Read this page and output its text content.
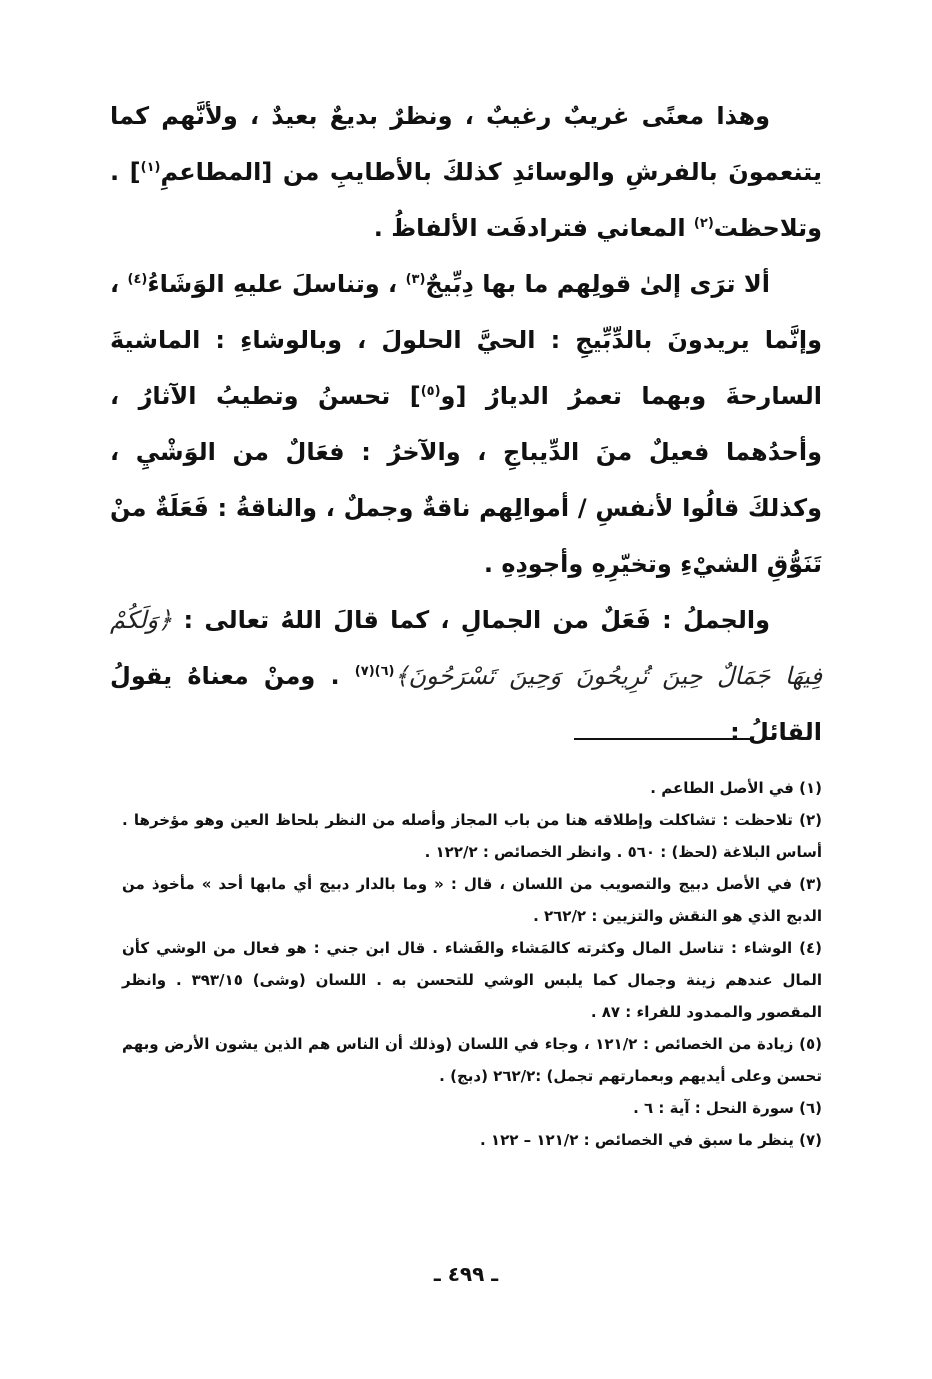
وهذا معنًى غريبٌ رغيبٌ ، ونظرٌ بديعٌ بعيدٌ ، ولأنَّهم كما يتنعمونَ بالفرشِ والوسائدِ كذلكَ بالأطايبِ من [المطاعمِ$^{(١)}$] . وتلاحظت$^{(٢)}$ المعاني فترادفَت الألفاظُ .

ألا ترَى إلىٰ قولِهم ما بها دِبِّيجٌ$^{(٣)}$ ، وتناسلَ عليهِ الوَشَاءُ$^{(٤)}$ ، وإنَّما يريدونَ بالدِّبِّيجِ : الحيَّ الحلولَ ، وبالوشاءِ : الماشيةَ السارحةَ وبهما تعمرُ الديارُ [و$^{(٥)}$] تحسنُ وتطيبُ الآثارُ ، وأحدُهما فعيلٌ منَ الدِّيباجِ ، والآخرُ : فعَالٌ من الوَشْيِ ، وكذلكَ قالُوا لأنفسِ / أموالِهم ناقةٌ وجملٌ ، والناقةُ : فَعَلَةٌ منْ تَنَوُّقِ الشيْءِ وتخيّرِهِ وأجودِهِ .

والجملُ : فَعَلٌ من الجمالِ ، كما قالَ اللهُ تعالى : ﴿وَلَكُمْ فِيهَا جَمَالٌ حِينَ تُرِيحُونَ وَحِينَ تَسْرَحُونَ﴾$^{(٦)(٧)}$ . ومنْ معناهُ يقولُ القائلُ :

(١) في الأصل الطاعم .

(٢) تلاحظت : تشاكلت وإطلاقه هنا من باب المجاز وأصله من النظر بلحاظ العين وهو مؤخرها . أساس البلاغة (لحظ) : ٥٦٠ . وانظر الخصائص : ١٢٢/٢ .

(٣) في الأصل دبيج والتصويب من اللسان ، قال : « وما بالدار دبيج أي مابها أحد » مأخوذ من الدبج الذي هو النقش والتزيين : ٢٦٢/٢ .

(٤) الوشاء : تناسل المال وكثرته كالمَشاء والفَشاء . قال ابن جني : هو فعال من الوشي كأن المال عندهم زينة وجمال كما يلبس الوشي للتحسن به . اللسان (وشى) ٣٩٣/١٥ . وانظر المقصور والممدود للفراء : ٨٧ .

(٥) زيادة من الخصائص : ١٢١/٢ ، وجاء في اللسان (وذلك أن الناس هم الذين يشون الأرض وبهم تحسن وعلى أيديهم وبعمارتهم تجمل) :٢٦٢/٢ (دبج) .

(٦) سورة النحل : آية : ٦ .

(٧) ينظر ما سبق في الخصائص : ١٢١/٢ – ١٢٢ .

ـ ٤٩٩ ـ
